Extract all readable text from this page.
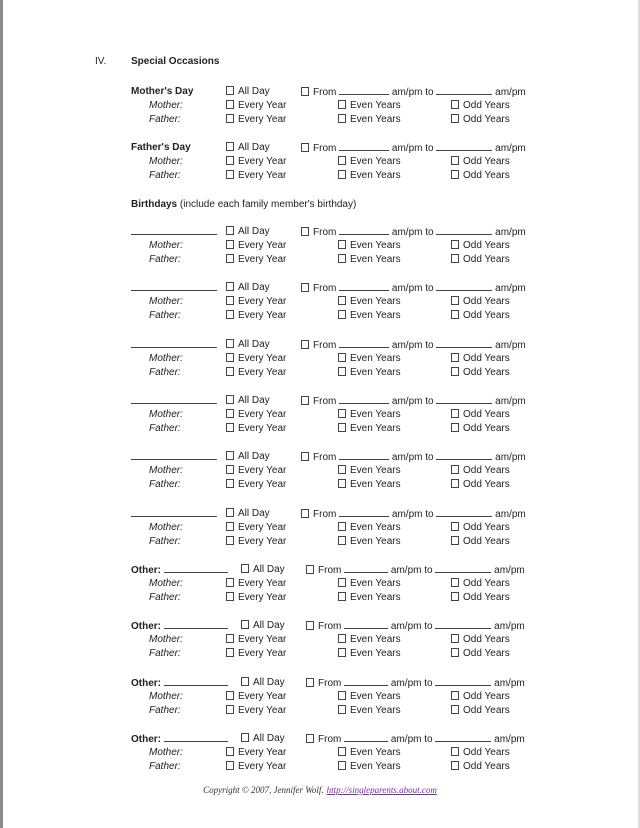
IV. Special Occasions
Mother's Day	All Day	From	am/pm to	am/pm
Mother:	Every Year	Even Years	Odd Years
Father:	Every Year	Even Years	Odd Years
Father's Day	All Day	From	am/pm to	am/pm
Mother:	Every Year	Even Years	Odd Years
Father:	Every Year	Even Years	Odd Years
All Day	From	am/pm to	am/pm
Mother:	Every Year	Even Years	Odd Years
Father:	Every Year	Even Years	Odd Years
All Day	From	am/pm to	am/pm
Mother:	Every Year	Even Years	Odd Years
Father:	Every Year	Even Years	Odd Years
All Day	From	am/pm to	am/pm
Mother:	Every Year	Even Years	Odd Years
Father:	Every Year	Even Years	Odd Years
All Day	From	am/pm to	am/pm
Mother:	Every Year	Even Years	Odd Years
Father:	Every Year	Even Years	Odd Years
All Day	From	am/pm to	am/pm
Mother:	Every Year	Even Years	Odd Years
Father:	Every Year	Even Years	Odd Years
All Day	From	am/pm to	am/pm
Mother:	Every Year	Even Years	Odd Years
Father:	Every Year	Even Years	Odd Years
Other:	All Day	From	am/pm to	am/pm
Mother:	Every Year	Even Years	Odd Years
Father:	Every Year	Even Years	Odd Years
Other:	All Day	From	am/pm to	am/pm
Mother:	Every Year	Even Years	Odd Years
Father:	Every Year	Even Years	Odd Years
Other:	All Day	From	am/pm to	am/pm
Mother:	Every Year	Even Years	Odd Years
Father:	Every Year	Even Years	Odd Years
Other:	All Day	From	am/pm to	am/pm
Mother:	Every Year	Even Years	Odd Years
Father:	Every Year	Even Years	Odd Years
Birthdays (include each family member's birthday)
Copyright © 2007, Jennifer Wolf. http://singleparents.about.com
